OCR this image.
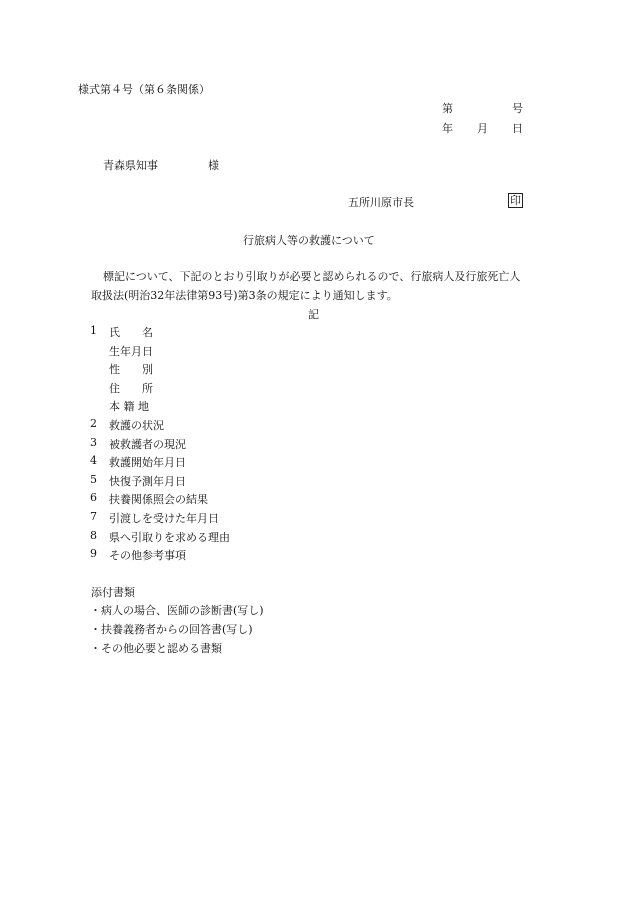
様式第４号（第６条関係）
第	号
年 月 日
青森県知事	様
五所川原市長	印
行旅病人等の救護について
標記について、下記のとおり引取りが必要と認められるので、行旅病人及行旅死亡人
取扱法(明治32年法律第93号)第3条の規定により通知します。
記
1	氏　　名
生年月日
性　　別
住　　所
本 籍 地
2	救護の状況
3	被救護者の現況
4	救護開始年月日
5	快復予測年月日
6	扶養関係照会の結果
7	引渡しを受けた年月日
8	県へ引取りを求める理由
9	その他参考事項
添付書類
・病人の場合、医師の診断書(写し)
・扶養義務者からの回答書(写し)
・その他必要と認める書類
